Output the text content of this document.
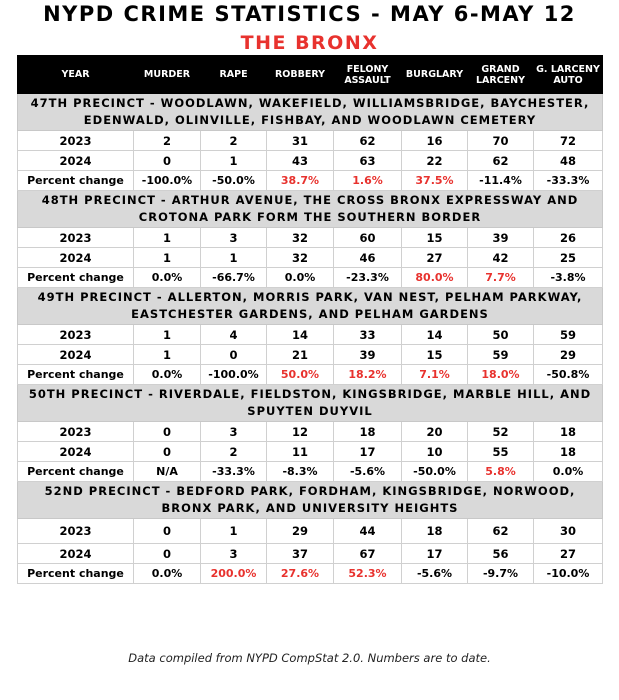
NYPD CRIME STATISTICS - MAY 6-MAY 12
THE BRONX
YEAR	MURDER	RAPE	ROBBERY	FELONY ASSAULT	BURGLARY	GRAND LARCENY	G. LARCENY AUTO
47TH PRECINCT - WOODLAWN, WAKEFIELD, WILLIAMSBRIDGE, BAYCHESTER, EDENWALD, OLINVILLE, FISHBAY, AND WOODLAWN CEMETERY							
2023	2	2	31	62	16	70	72
2024	0	1	43	63	22	62	48
Percent change	-100.0%	-50.0%	38.7%	1.6%	37.5%	-11.4%	-33.3%
48TH PRECINCT - ARTHUR AVENUE, THE CROSS BRONX EXPRESSWAY AND CROTONA PARK FORM THE SOUTHERN BORDER							
2023	1	3	32	60	15	39	26
2024	1	1	32	46	27	42	25
Percent change	0.0%	-66.7%	0.0%	-23.3%	80.0%	7.7%	-3.8%
49TH PRECINCT - ALLERTON, MORRIS PARK, VAN NEST, PELHAM PARKWAY, EASTCHESTER GARDENS, AND PELHAM GARDENS							
2023	1	4	14	33	14	50	59
2024	1	0	21	39	15	59	29
Percent change	0.0%	-100.0%	50.0%	18.2%	7.1%	18.0%	-50.8%
50TH PRECINCT - RIVERDALE, FIELDSTON, KINGSBRIDGE, MARBLE HILL, AND SPUYTEN DUYVIL							
2023	0	3	12	18	20	52	18
2024	0	2	11	17	10	55	18
Percent change	N/A	-33.3%	-8.3%	-5.6%	-50.0%	5.8%	0.0%
52ND PRECINCT - BEDFORD PARK, FORDHAM, KINGSBRIDGE, NORWOOD, BRONX PARK, AND UNIVERSITY HEIGHTS							
2023	0	1	29	44	18	62	30
2024	0	3	37	67	17	56	27
Percent change	0.0%	200.0%	27.6%	52.3%	-5.6%	-9.7%	-10.0%
Data compiled from NYPD CompStat 2.0. Numbers are to date.
